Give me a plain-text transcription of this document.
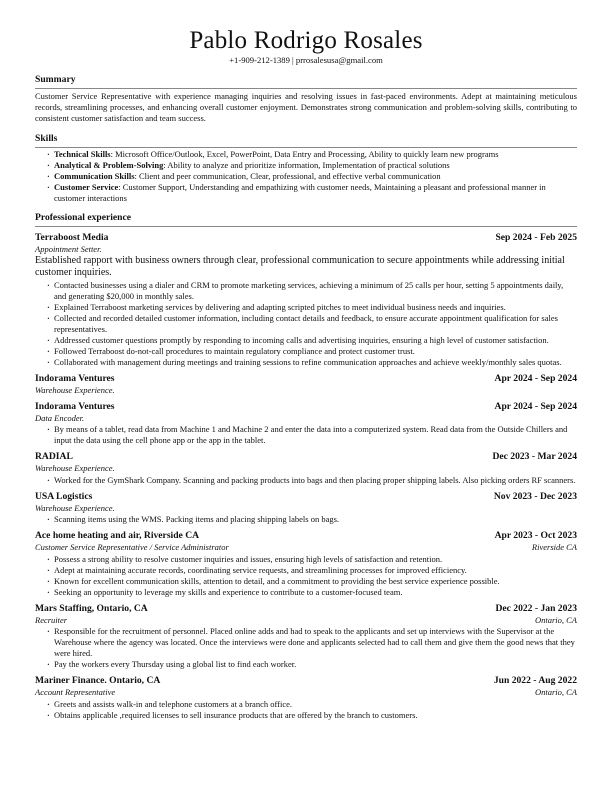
Pablo Rodrigo Rosales
+1-909-212-1389 | prrosalesusa@gmail.com
Summary
Customer Service Representative with experience managing inquiries and resolving issues in fast-paced environments. Adept at maintaining meticulous records, streamlining processes, and enhancing overall customer enjoyment. Demonstrates strong communication and problem-solving skills, contributing to consistent customer satisfaction and team success.
Skills
· Technical Skills: Microsoft Office/Outlook, Excel, PowerPoint, Data Entry and Processing, Ability to quickly learn new programs
· Analytical & Problem-Solving: Ability to analyze and prioritize information, Implementation of practical solutions
· Communication Skills: Client and peer communication, Clear, professional, and effective verbal communication
· Customer Service: Customer Support, Understanding and empathizing with customer needs, Maintaining a pleasant and professional manner in customer interactions
Professional experience
Terraboost Media	Sep 2024 - Feb 2025
Appointment Setter.
Established rapport with business owners through clear, professional communication to secure appointments while addressing initial customer inquiries.
· Contacted businesses using a dialer and CRM to promote marketing services, achieving a minimum of 25 calls per hour, setting 5 appointments daily, and generating $20,000 in monthly sales.
· Explained Terraboost marketing services by delivering and adapting scripted pitches to meet individual business needs and inquiries.
· Collected and recorded detailed customer information, including contact details and feedback, to ensure accurate appointment qualification for sales representatives.
· Addressed customer questions promptly by responding to incoming calls and advertising inquiries, ensuring a high level of customer satisfaction.
· Followed Terraboost do-not-call procedures to maintain regulatory compliance and protect customer trust.
· Collaborated with management during meetings and training sessions to refine communication approaches and achieve weekly/monthly sales quotas.
Indorama Ventures	Apr 2024 - Sep 2024
Warehouse Experience.
Indorama Ventures	Apr 2024 - Sep 2024
Data Encoder.
· By means of a tablet, read data from Machine 1 and Machine 2 and enter the data into a computerized system. Read data from the Outside Chillers and input the data using the cell phone app or the app in the tablet.
RADIAL	Dec 2023 - Mar 2024
Warehouse Experience.
· Worked for the GymShark Company. Scanning and packing products into bags and then placing proper shipping labels. Also picking orders RF scanners.
USA Logistics	Nov 2023 - Dec 2023
Warehouse Experience.
· Scanning items using the WMS. Packing items and placing shipping labels on bags.
Ace home heating and air, Riverside CA	Apr 2023 - Oct 2023
Customer Service Representative / Service Administrator	Riverside CA
· Possess a strong ability to resolve customer inquiries and issues, ensuring high levels of satisfaction and retention.
· Adept at maintaining accurate records, coordinating service requests, and streamlining processes for improved efficiency.
· Known for excellent communication skills, attention to detail, and a commitment to providing the best service experience possible.
· Seeking an opportunity to leverage my skills and experience to contribute to a customer-focused team.
Mars Staffing, Ontario, CA	Dec 2022 - Jan 2023
Recruiter	Ontario, CA
· Responsible for the recruitment of personnel. Placed online adds and had to speak to the applicants and set up interviews with the Supervisor at the Warehouse where the agency was located. Once the interviews were done and applicants selected had to call them and give them the good news that they were hired.
· Pay the workers every Thursday using a global list to find each worker.
Mariner Finance. Ontario, CA	Jun 2022 - Aug 2022
Account Representative	Ontario, CA
· Greets and assists walk-in and telephone customers at a branch office.
· Obtains applicable ,required licenses to sell insurance products that are offered by the branch to customers.
